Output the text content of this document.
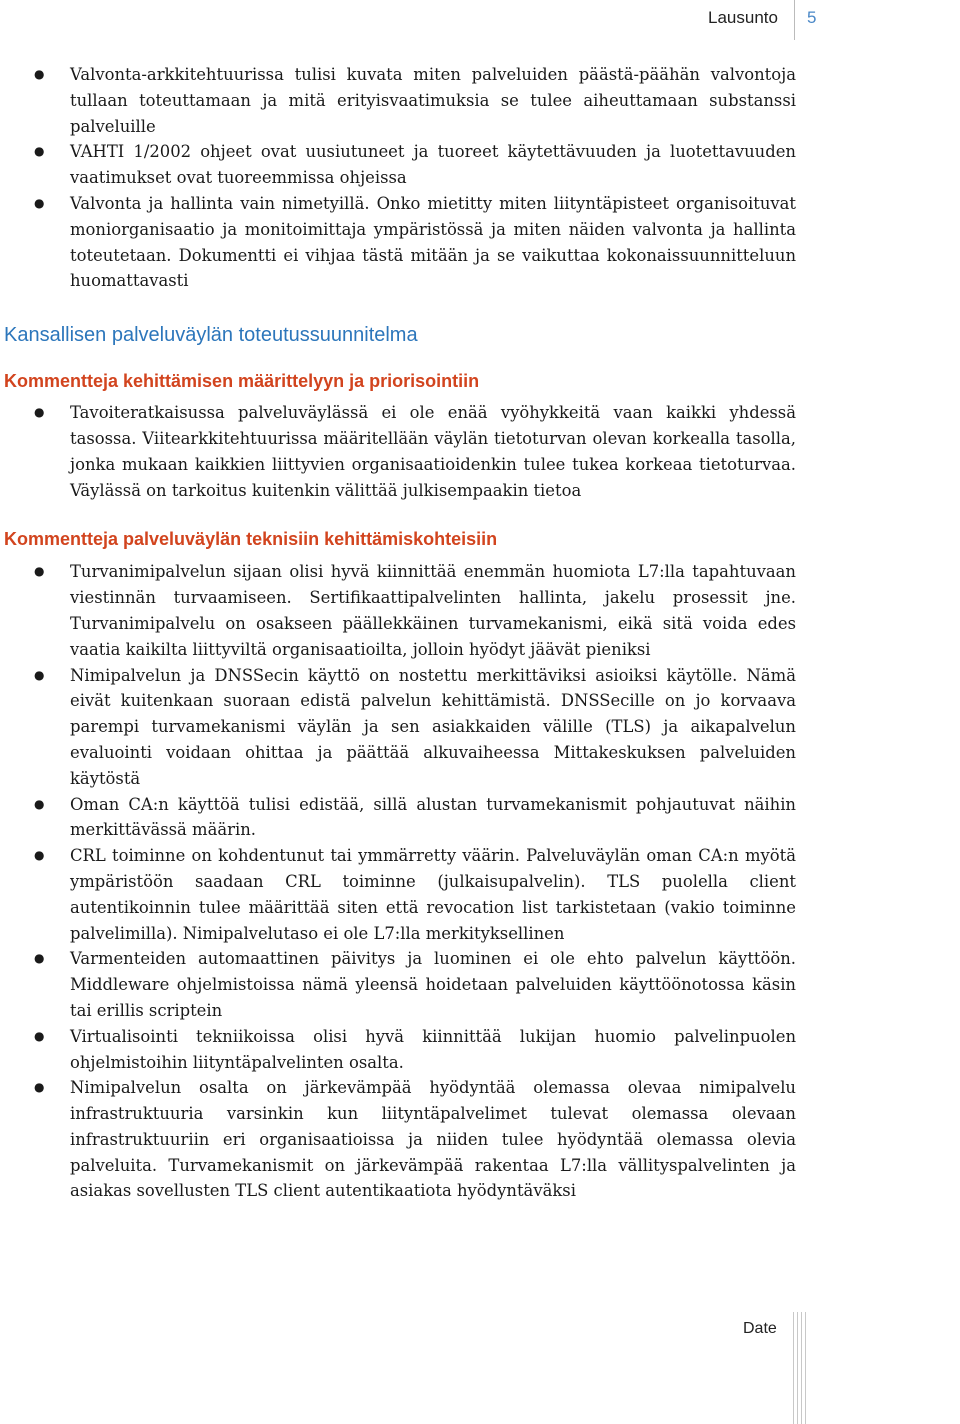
Lausunto 5
● Valvonta-arkkitehtuurissa tulisi kuvata miten palveluiden päästä-päähän valvontoja tullaan toteuttamaan ja mitä erityisvaatimuksia se tulee aiheuttamaan substanssi palveluille
● VAHTI 1/2002 ohjeet ovat uusiutuneet ja tuoreet käytettävuuden ja luotettavuuden vaatimukset ovat tuoreemmissa ohjeissa
● Valvonta ja hallinta vain nimetyillä. Onko mietitty miten liityntäpisteet organisoituvat moniorganisaatio ja monitoimittaja ympäristössä ja miten näiden valvonta ja hallinta toteutetaan. Dokumentti ei vihjaa tästä mitään ja se vaikuttaa kokonaissuunnitteluun huomattavasti
Kansallisen palveluväylän toteutussuunnitelma
Kommentteja kehittämisen määrittelyyn ja priorisointiin
● Tavoiteratkaisussa palveluväylässä ei ole enää vyöhykkeitä vaan kaikki yhdessä tasossa. Viitearkkitehtuurissa määritellään väylän tietoturvan olevan korkealla tasolla, jonka mukaan kaikkien liittyvien organisaatioidenkin tulee tukea korkeaa tietoturvaa. Väylässä on tarkoitus kuitenkin välittää julkisempaakin tietoa
Kommentteja palveluväylän teknisiin kehittämiskohteisiin
● Turvanimipalvelun sijaan olisi hyvä kiinnittää enemmän huomiota L7:lla tapahtuvaan viestinnän turvaamiseen. Sertifikaattipalvelinten hallinta, jakelu prosessit jne. Turvanimipalvelu on osakseen päällekkäinen turvamekanismi, eikä sitä voida edes vaatia kaikilta liittyviltä organisaatioilta, jolloin hyödyt jäävät pieniksi
● Nimipalvelun ja DNSSecin käyttö on nostettu merkittäviksi asioiksi käytölle. Nämä eivät kuitenkaan suoraan edistä palvelun kehittämistä. DNSSecille on jo korvaava parempi turvamekanismi väylän ja sen asiakkaiden välille (TLS) ja aikapalvelun evaluointi voidaan ohittaa ja päättää alkuvaiheessa Mittakeskuksen palveluiden käytöstä
● Oman CA:n käyttöä tulisi edistää, sillä alustan turvamekanismit pohjautuvat näihin merkittävässä määrin.
● CRL toiminne on kohdentunut tai ymmärretty väärin. Palveluväylän oman CA:n myötä ympäristöön saadaan CRL toiminne (julkaisupalvelin). TLS puolella client autentikoinnin tulee määrittää siten että revocation list tarkistetaan (vakio toiminne palvelimilla). Nimipalvelutaso ei ole L7:lla merkityksellinen
● Varmenteiden automaattinen päivitys ja luominen ei ole ehto palvelun käyttöön. Middleware ohjelmistoissa nämä yleensä hoidetaan palveluiden käyttöönotossa käsin tai erillis scriptein
● Virtualisointi tekniikoissa olisi hyvä kiinnittää lukijan huomio palvelinpuolen ohjelmistoihin liityntäpalvelinten osalta.
● Nimipalvelun osalta on järkevämpää hyödyntää olemassa olevaa nimipalvelu infrastruktuuria varsinkin kun liityntäpalvelimet tulevat olemassa olevaan infrastruktuuriin eri organisaatioissa ja niiden tulee hyödyntää olemassa olevia palveluita. Turvamekanismit on järkevämpää rakentaa L7:lla vällityspalvelinten ja asiakas sovellusten TLS client autentikaatiota hyödyntäväksi
Date
